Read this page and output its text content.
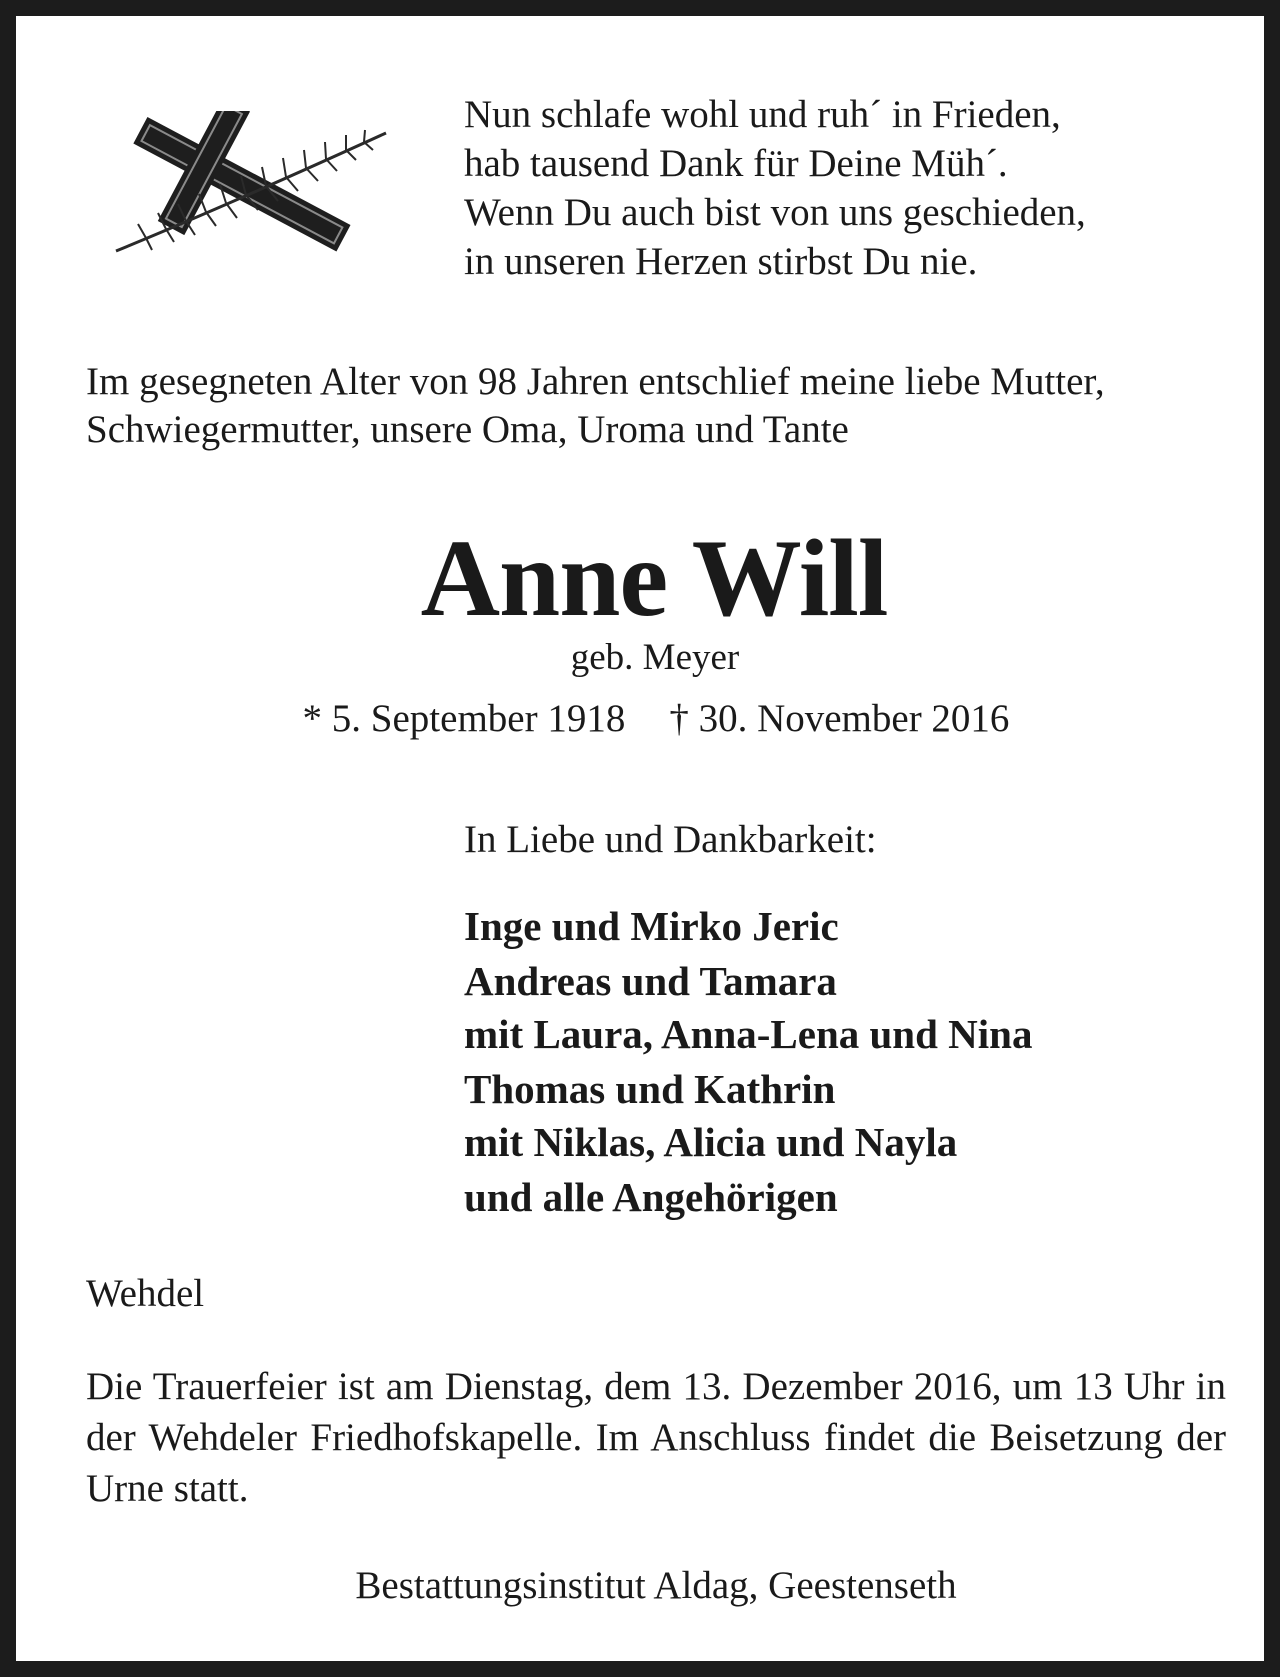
Nun schlafe wohl und ruh´ in Frieden,
hab tausend Dank für Deine Müh´.
Wenn Du auch bist von uns geschieden,
in unseren Herzen stirbst Du nie.
Im gesegneten Alter von 98 Jahren entschlief meine liebe Mutter,
Schwiegermutter, unsere Oma, Uroma und Tante
Anne Will
geb. Meyer
* 5. September 1918 † 30. November 2016
In Liebe und Dankbarkeit:
Inge und Mirko Jeric
Andreas und Tamara
mit Laura, Anna-Lena und Nina
Thomas und Kathrin
mit Niklas, Alicia und Nayla
und alle Angehörigen
Wehdel
Die Trauerfeier ist am Dienstag, dem 13. Dezember 2016, um 13 Uhr in der Wehdeler Friedhofskapelle. Im Anschluss findet die Beisetzung der Urne statt.
Bestattungsinstitut Aldag, Geestenseth
